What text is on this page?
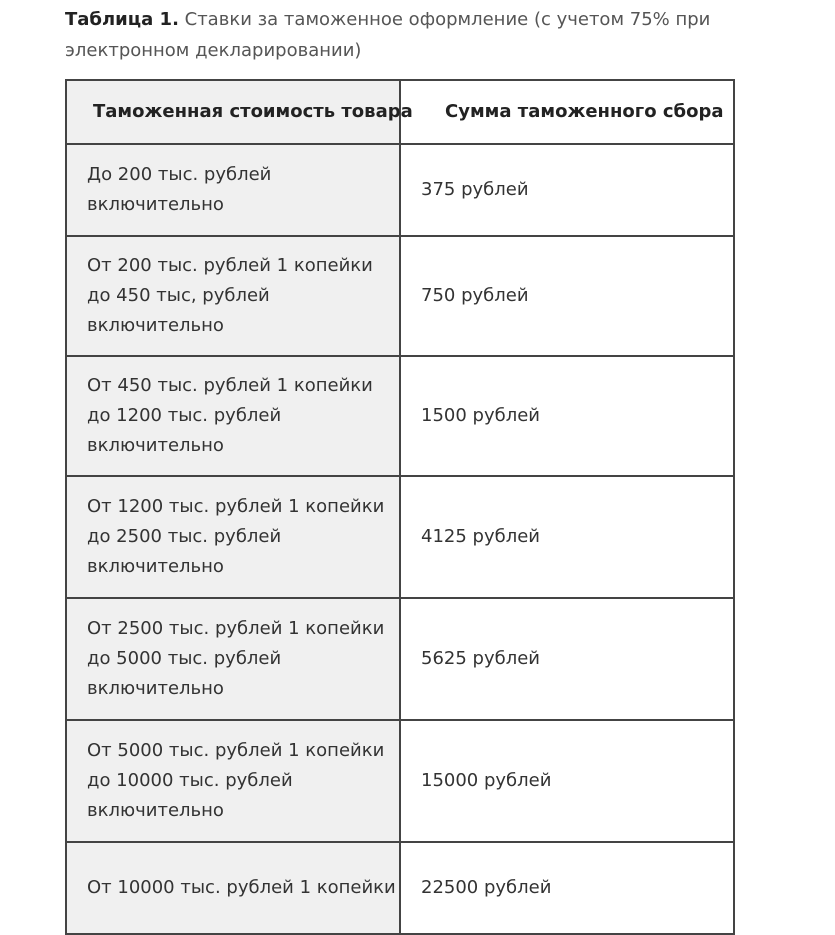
Таблица 1. Ставки за таможенное оформление (с учетом 75% при электронном декларировании)

Таможенная стоимость товара	Сумма таможенного сбора
До 200 тыс. рублей включительно	375 рублей
От 200 тыс. рублей 1 копейки до 450 тыс, рублей включительно	750 рублей
От 450 тыс. рублей 1 копейки до 1200 тыс. рублей включительно	1500 рублей
От 1200 тыс. рублей 1 копейки до 2500 тыс. рублей включительно	4125 рублей
От 2500 тыс. рублей 1 копейки до 5000 тыс. рублей включительно	5625 рублей
От 5000 тыс. рублей 1 копейки до 10000 тыс. рублей включительно	15000 рублей
От 10000 тыс. рублей 1 копейки	22500 рублей
